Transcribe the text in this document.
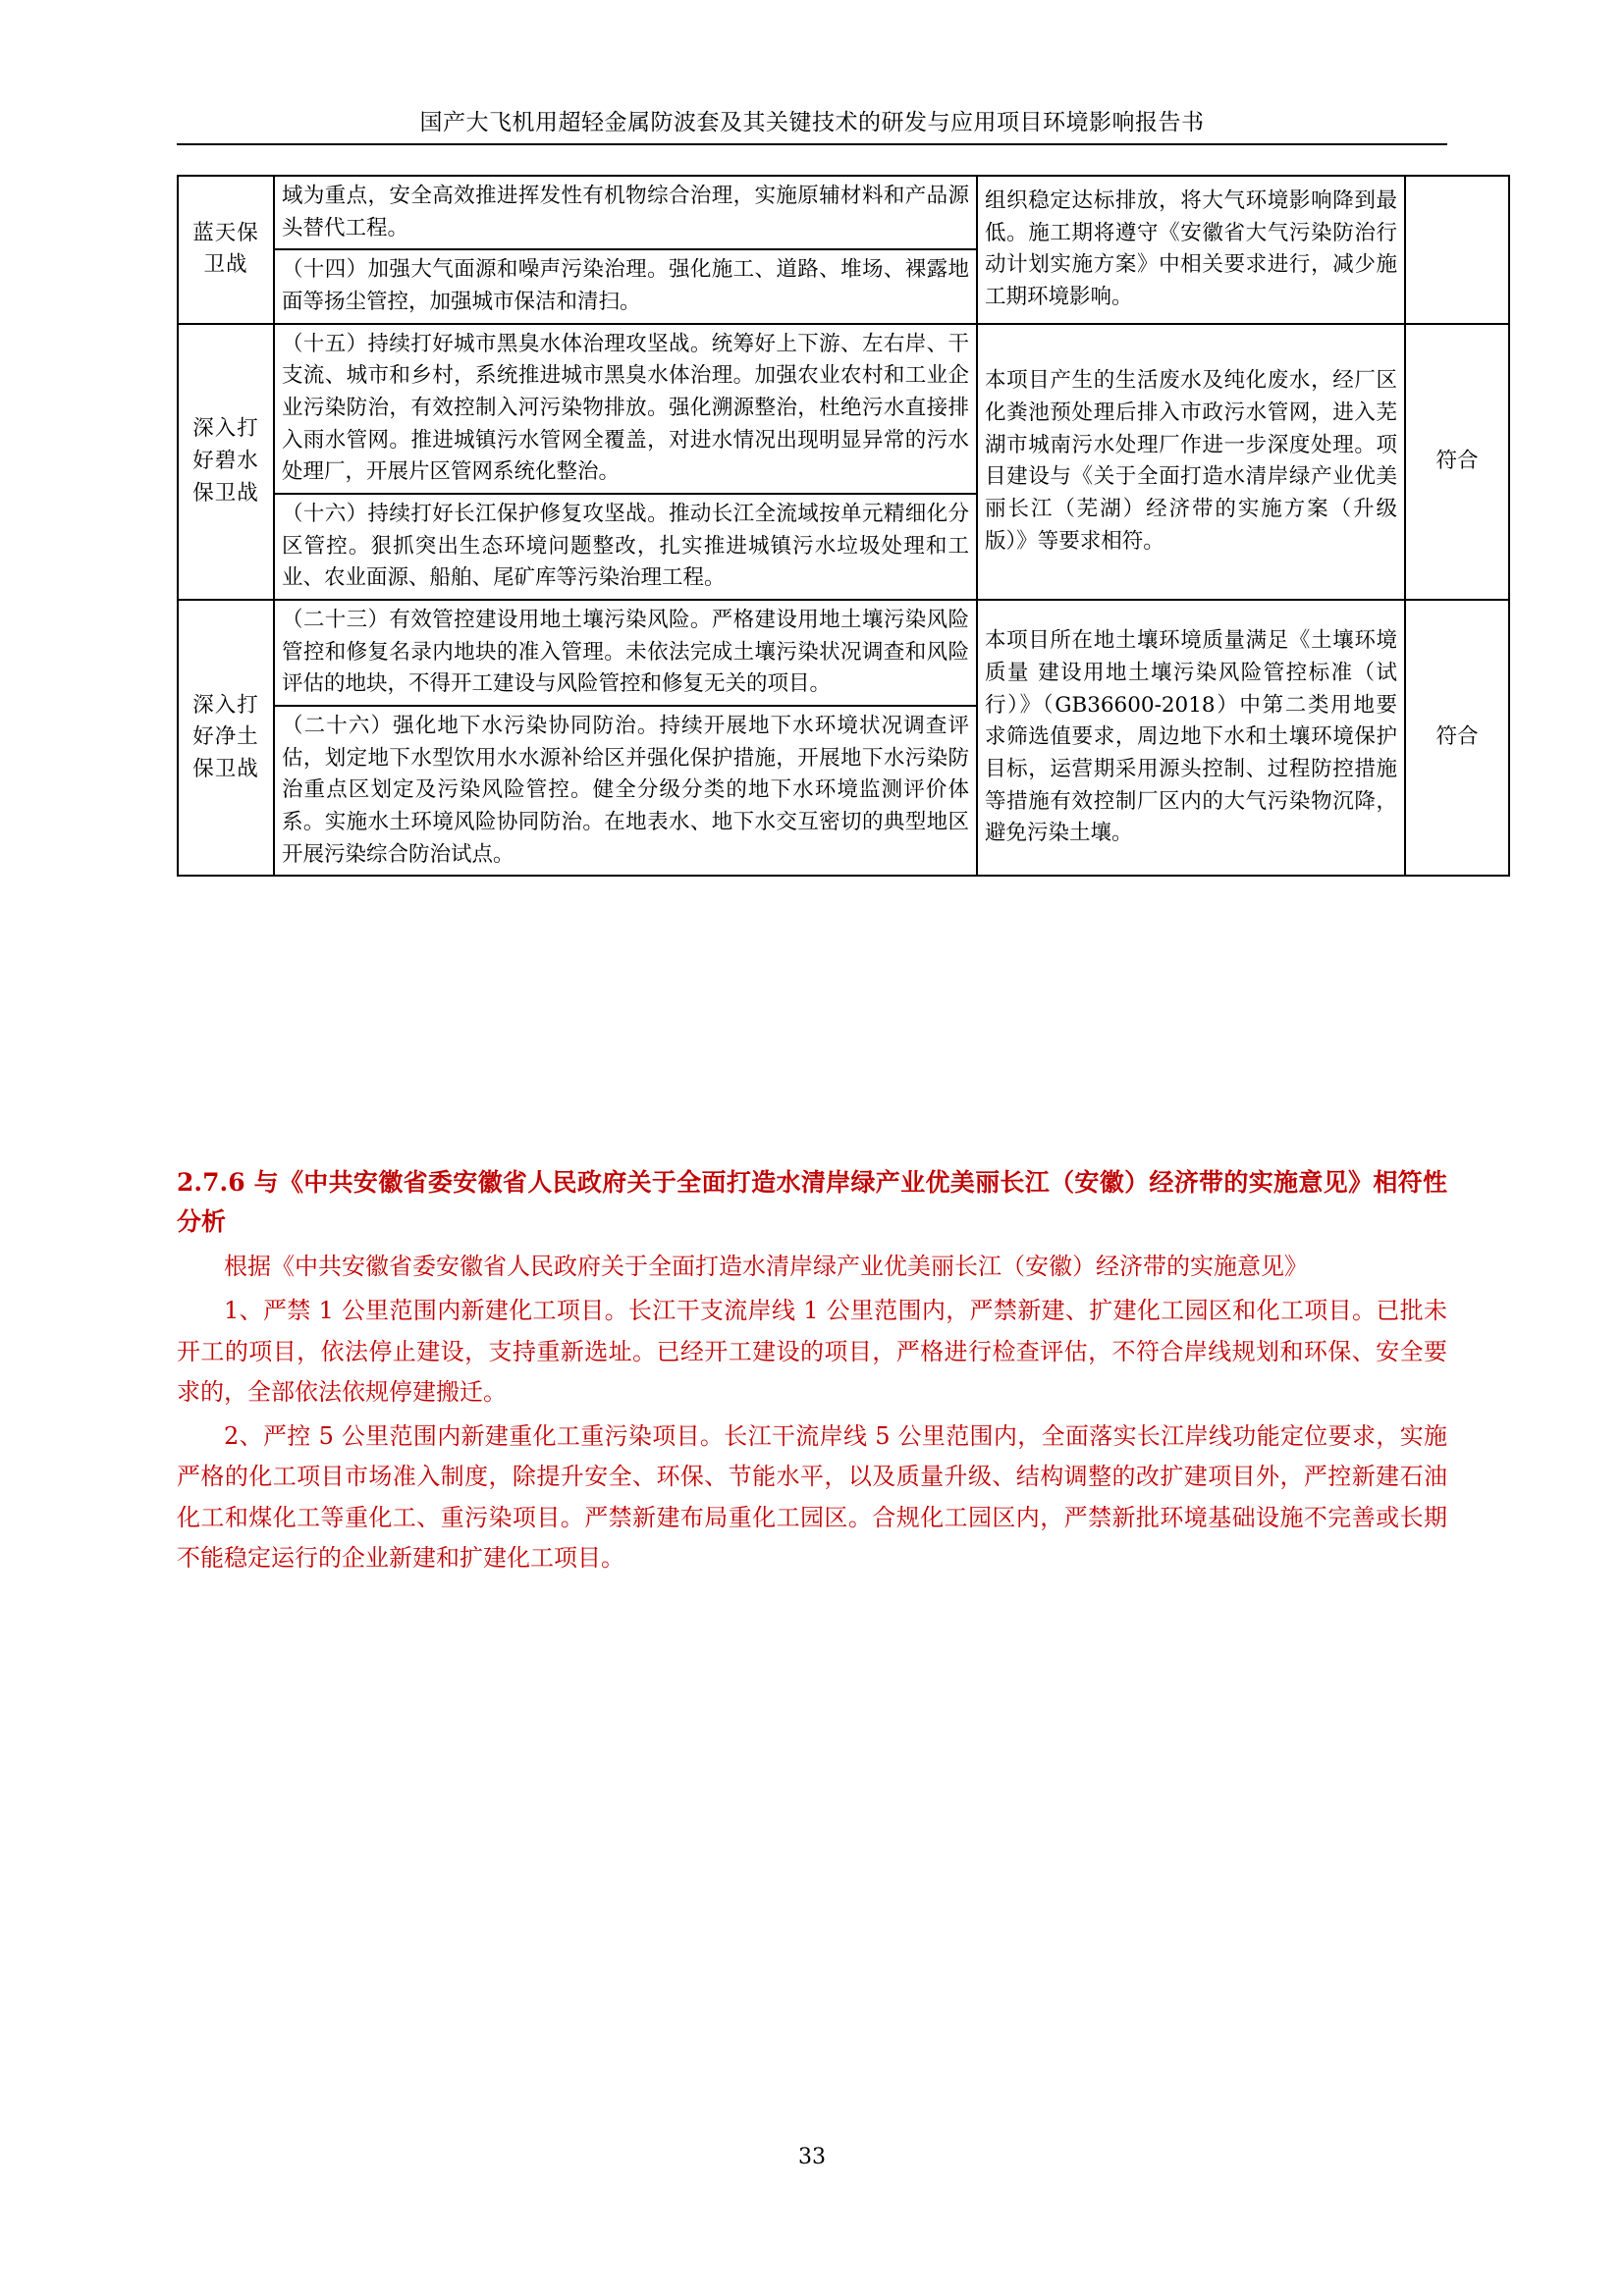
国产大飞机用超轻金属防波套及其关键技术的研发与应用项目环境影响报告书
蓝天保卫战	域为重点，安全高效推进挥发性有机物综合治理，实施原辅材料和产品源头替代工程。	组织稳定达标排放，将大气环境影响降到最低。施工期将遵守《安徽省大气污染防治行动计划实施方案》中相关要求进行，减少施工期环境影响。	
	（十四）加强大气面源和噪声污染治理。强化施工、道路、堆场、裸露地面等扬尘管控，加强城市保洁和清扫。		
深入打好碧水保卫战	（十五）持续打好城市黑臭水体治理攻坚战。统筹好上下游、左右岸、干支流、城市和乡村，系统推进城市黑臭水体治理。加强农业农村和工业企业污染防治，有效控制入河污染物排放。强化溯源整治，杜绝污水直接排入雨水管网。推进城镇污水管网全覆盖，对进水情况出现明显异常的污水处理厂，开展片区管网系统化整治。	本项目产生的生活废水及纯化废水，经厂区化粪池预处理后排入市政污水管网，进入芜湖市城南污水处理厂作进一步深度处理。项目建设与《关于全面打造水清岸绿产业优美丽长江（芜湖）经济带的实施方案（升级版）》等要求相符。	符合
	（十六）持续打好长江保护修复攻坚战。推动长江全流域按单元精细化分区管控。狠抓突出生态环境问题整改，扎实推进城镇污水垃圾处理和工业、农业面源、船舶、尾矿库等污染治理工程。		
深入打好净土保卫战	（二十三）有效管控建设用地土壤污染风险。严格建设用地土壤污染风险管控和修复名录内地块的准入管理。未依法完成土壤污染状况调查和风险评估的地块，不得开工建设与风险管控和修复无关的项目。	本项目所在地土壤环境质量满足《土壤环境质量 建设用地土壤污染风险管控标准（试行）》（GB36600-2018）中第二类用地要求筛选值要求，周边地下水和土壤环境保护目标，运营期采用源头控制、过程防控措施等措施有效控制厂区内的大气污染物沉降，避免污染土壤。	符合
	（二十六）强化地下水污染协同防治。持续开展地下水环境状况调查评估，划定地下水型饮用水水源补给区并强化保护措施，开展地下水污染防治重点区划定及污染风险管控。健全分级分类的地下水环境监测评价体系。实施水土环境风险协同防治。在地表水、地下水交互密切的典型地区开展污染综合防治试点。		
2.7.6 与《中共安徽省委安徽省人民政府关于全面打造水清岸绿产业优美丽长江（安徽）经济带的实施意见》相符性分析

根据《中共安徽省委安徽省人民政府关于全面打造水清岸绿产业优美丽长江（安徽）经济带的实施意见》

1、严禁 1 公里范围内新建化工项目。长江干支流岸线 1 公里范围内，严禁新建、扩建化工园区和化工项目。已批未开工的项目，依法停止建设，支持重新选址。已经开工建设的项目，严格进行检查评估，不符合岸线规划和环保、安全要求的，全部依法依规停建搬迁。

2、严控 5 公里范围内新建重化工重污染项目。长江干流岸线 5 公里范围内，全面落实长江岸线功能定位要求，实施严格的化工项目市场准入制度，除提升安全、环保、节能水平，以及质量升级、结构调整的改扩建项目外，严控新建石油化工和煤化工等重化工、重污染项目。严禁新建布局重化工园区。合规化工园区内，严禁新批环境基础设施不完善或长期不能稳定运行的企业新建和扩建化工项目。

33
